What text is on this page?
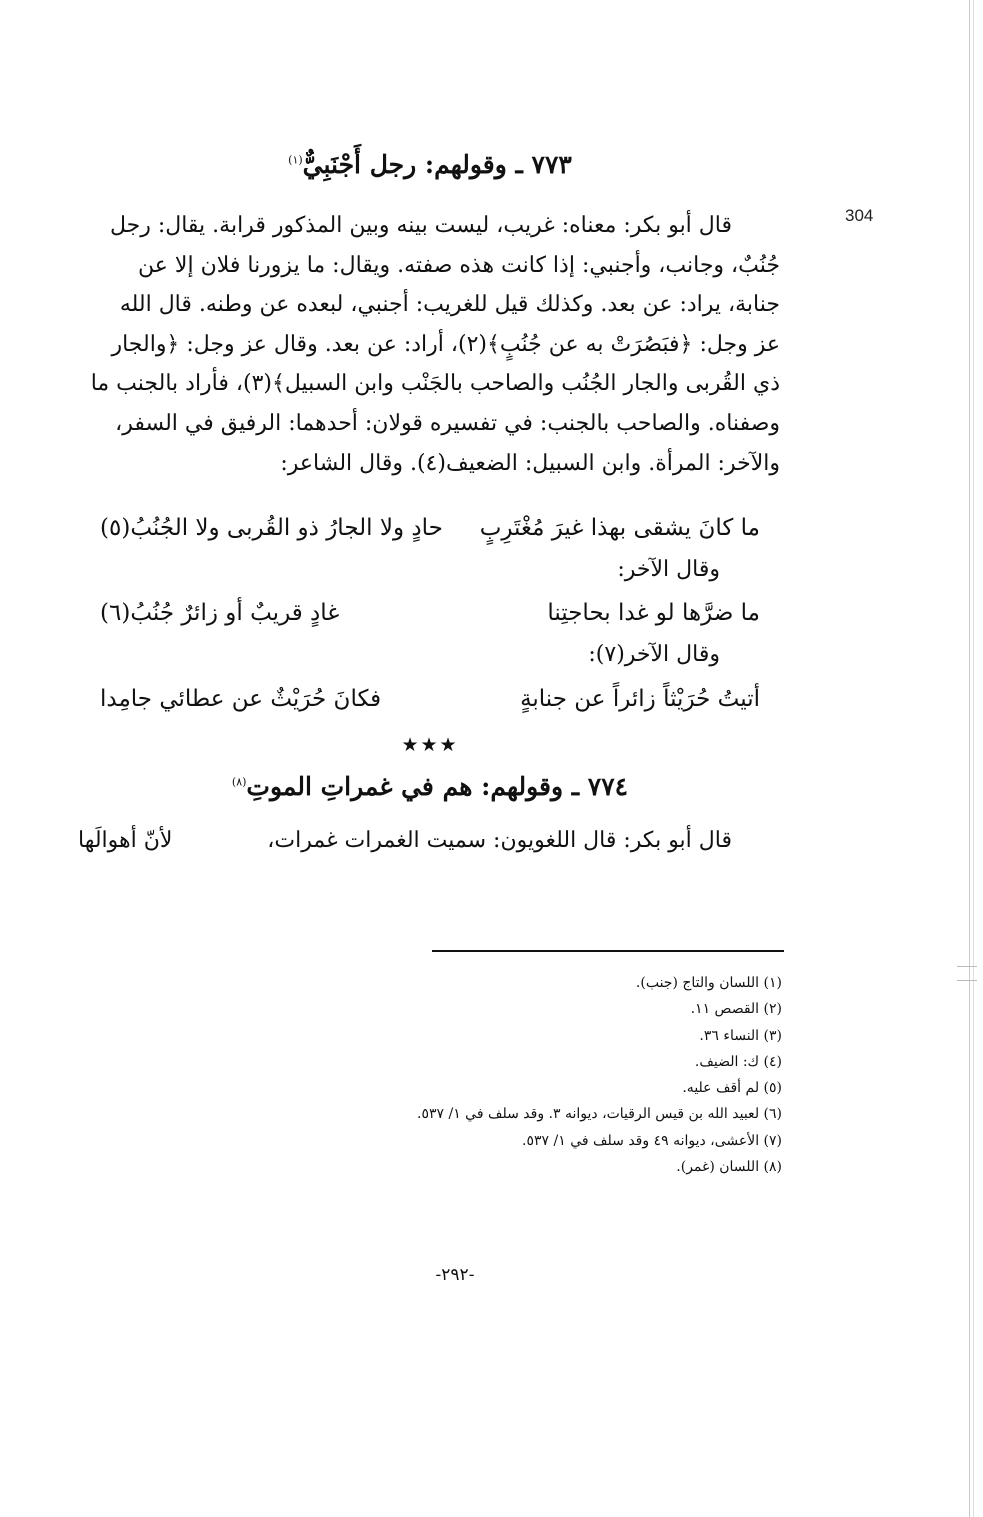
304
٧٧٣ ـ وقولهم: رجل أَجْنَبِيٌّ$^{(١)}$
قال أبو بكر: معناه: غريب، ليست بينه وبين المذكور قرابة. يقال: رجل
جُنُبٌ، وجانب، وأجنبي: إذا كانت هذه صفته. ويقال: ما يزورنا فلان إلا عن
جنابة، يراد: عن بعد. وكذلك قيل للغريب: أجنبي، لبعده عن وطنه. قال الله
عز وجل: ﴿فبَصُرَتْ به عن جُنُبٍ﴾(٢)، أراد: عن بعد. وقال عز وجل: ﴿والجار
ذي القُربى والجار الجُنُب والصاحب بالجَنْب وابن السبيل﴾(٣)، فأراد بالجنب ما
وصفناه. والصاحب بالجنب: في تفسيره قولان: أحدهما: الرفيق في السفر،
والآخر: المرأة. وابن السبيل: الضعيف(٤). وقال الشاعر:
ما كانَ يشقى بهذا غيرَ مُغْتَرِبٍ
حادٍ ولا الجارُ ذو القُربى ولا الجُنُبُ(٥)
وقال الآخر:
ما ضرَّها لو غدا بحاجتِنا
غادٍ قريبٌ أو زائرٌ جُنُبُ(٦)
وقال الآخر(٧):
أتيتُ حُرَيْثاً زائراً عن جنابةٍ
فكانَ حُرَيْثٌ عن عطائي جامِدا
★★★
٧٧٤ ـ وقولهم: هم في غمراتِ الموتِ$^{(٨)}$
قال أبو بكر: قال اللغويون: سميت الغمرات غمرات،
لأنّ أهوالَها
(١) اللسان والتاج (جنب).
(٢) القصص ١١.
(٣) النساء ٣٦.
(٤) ك: الضيف.
(٥) لم أقف عليه.
(٦) لعبيد الله بن قيس الرقيات، ديوانه ٣. وقد سلف في ١/ ٥٣٧.
(٧) الأعشى، ديوانه ٤٩ وقد سلف في ١/ ٥٣٧.
(٨) اللسان (غمر).
-٢٩٢-
